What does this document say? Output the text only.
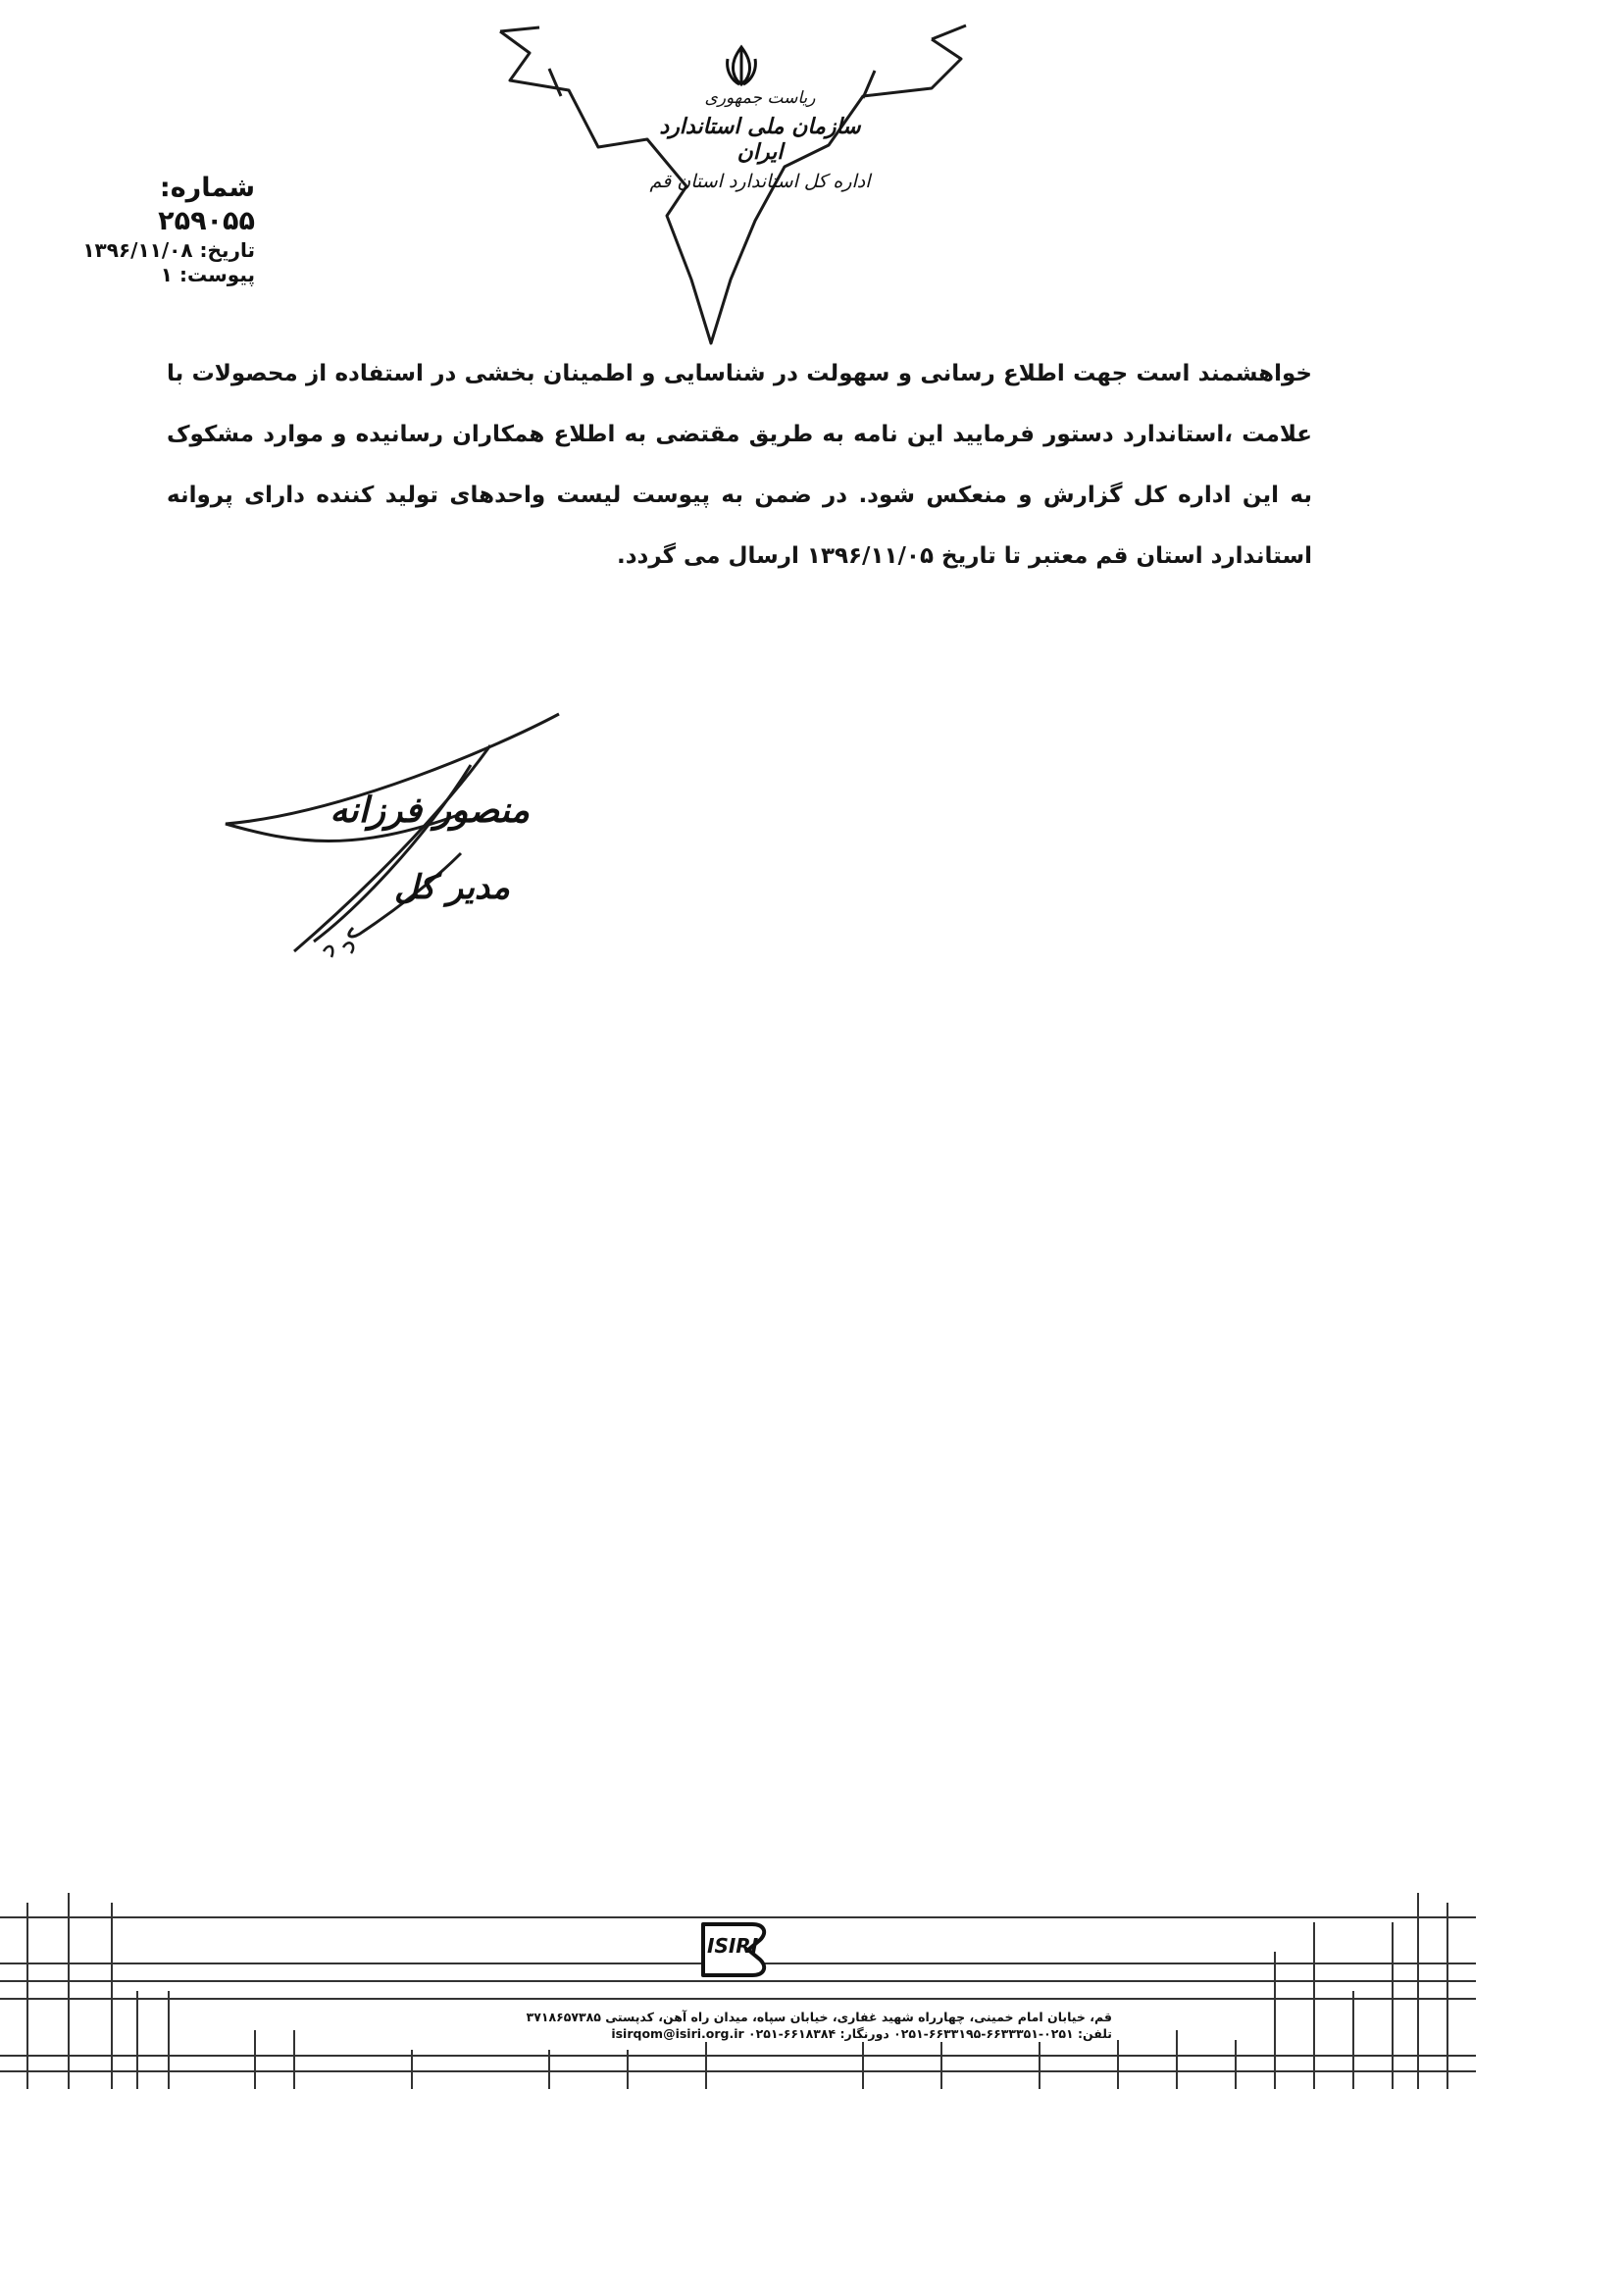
ریاست جمهوری
سازمان ملی استاندارد ایران
اداره کل استاندارد استان قم
شماره: ۲۵۹۰۵۵
تاریخ: ۱۳۹۶/۱۱/۰۸
پیوست: ۱
خواهشمند است جهت اطلاع رسانی و سهولت در شناسایی و اطمینان بخشی در استفاده از محصولات با علامت ،استاندارد دستور فرمایید این نامه به طریق مقتضی به اطلاع همکاران رسانیده و موارد مشکوک به این اداره کل گزارش و منعکس شود. در ضمن به پیوست لیست واحدهای تولید کننده دارای پروانه استاندارد استان قم معتبر تا تاریخ ۱۳۹۶/۱۱/۰۵ ارسال می گردد.
منصور فرزانه
مدیر کل
ISIRI
قم، خیابان امام خمینی، چهارراه شهید غفاری، خیابان سپاه، میدان راه آهن، کدپستی ۳۷۱۸۶۵۷۳۸۵
تلفن: ۰۲۵۱-۶۶۳۳۳۵۱-۶۶۳۳۱۹۵-۰۲۵۱ دورنگار: ۶۶۱۸۳۸۴-۰۲۵۱ isirqom@isiri.org.ir
